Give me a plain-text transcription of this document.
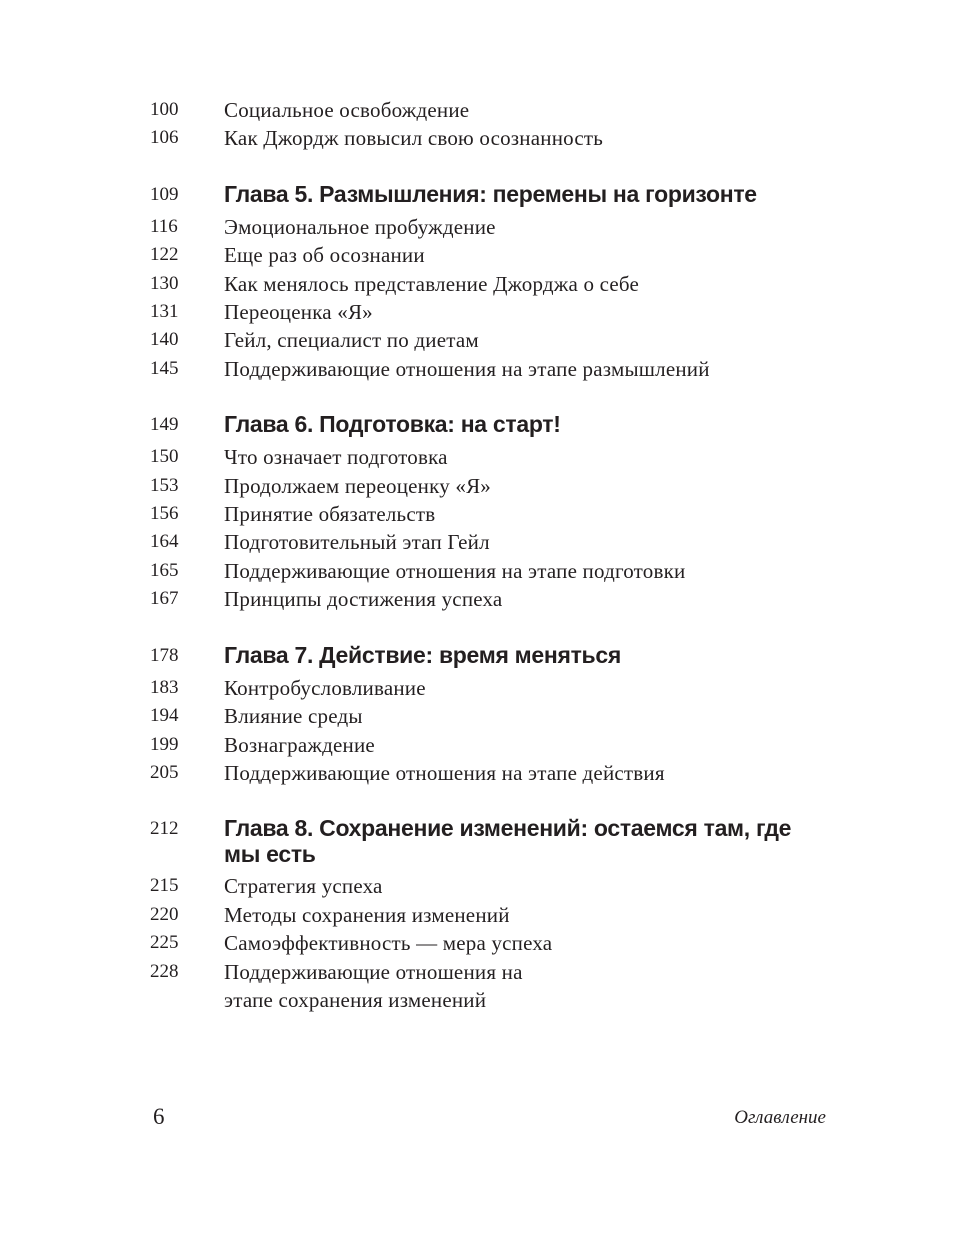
100	Социальное освобождение
106	Как Джордж повысил свою осознанность
109	Глава 5. Размышления: перемены на горизонте
116	Эмоциональное пробуждение
122	Еще раз об осознании
130	Как менялось представление Джорджа о себе
131	Переоценка «Я»
140	Гейл, специалист по диетам
145	Поддерживающие отношения на этапе размышлений
149	Глава 6. Подготовка: на старт!
150	Что означает подготовка
153	Продолжаем переоценку «Я»
156	Принятие обязательств
164	Подготовительный этап Гейл
165	Поддерживающие отношения на этапе подготовки
167	Принципы достижения успеха
178	Глава 7. Действие: время меняться
183	Контробусловливание
194	Влияние среды
199	Вознаграждение
205	Поддерживающие отношения на этапе действия
212	Глава 8. Сохранение изменений: остаемся там, где мы есть
215	Стратегия успеха
220	Методы сохранения изменений
225	Самоэффективность — мера успеха
228	Поддерживающие отношения на этапе сохранения изменений
6	Оглавление
